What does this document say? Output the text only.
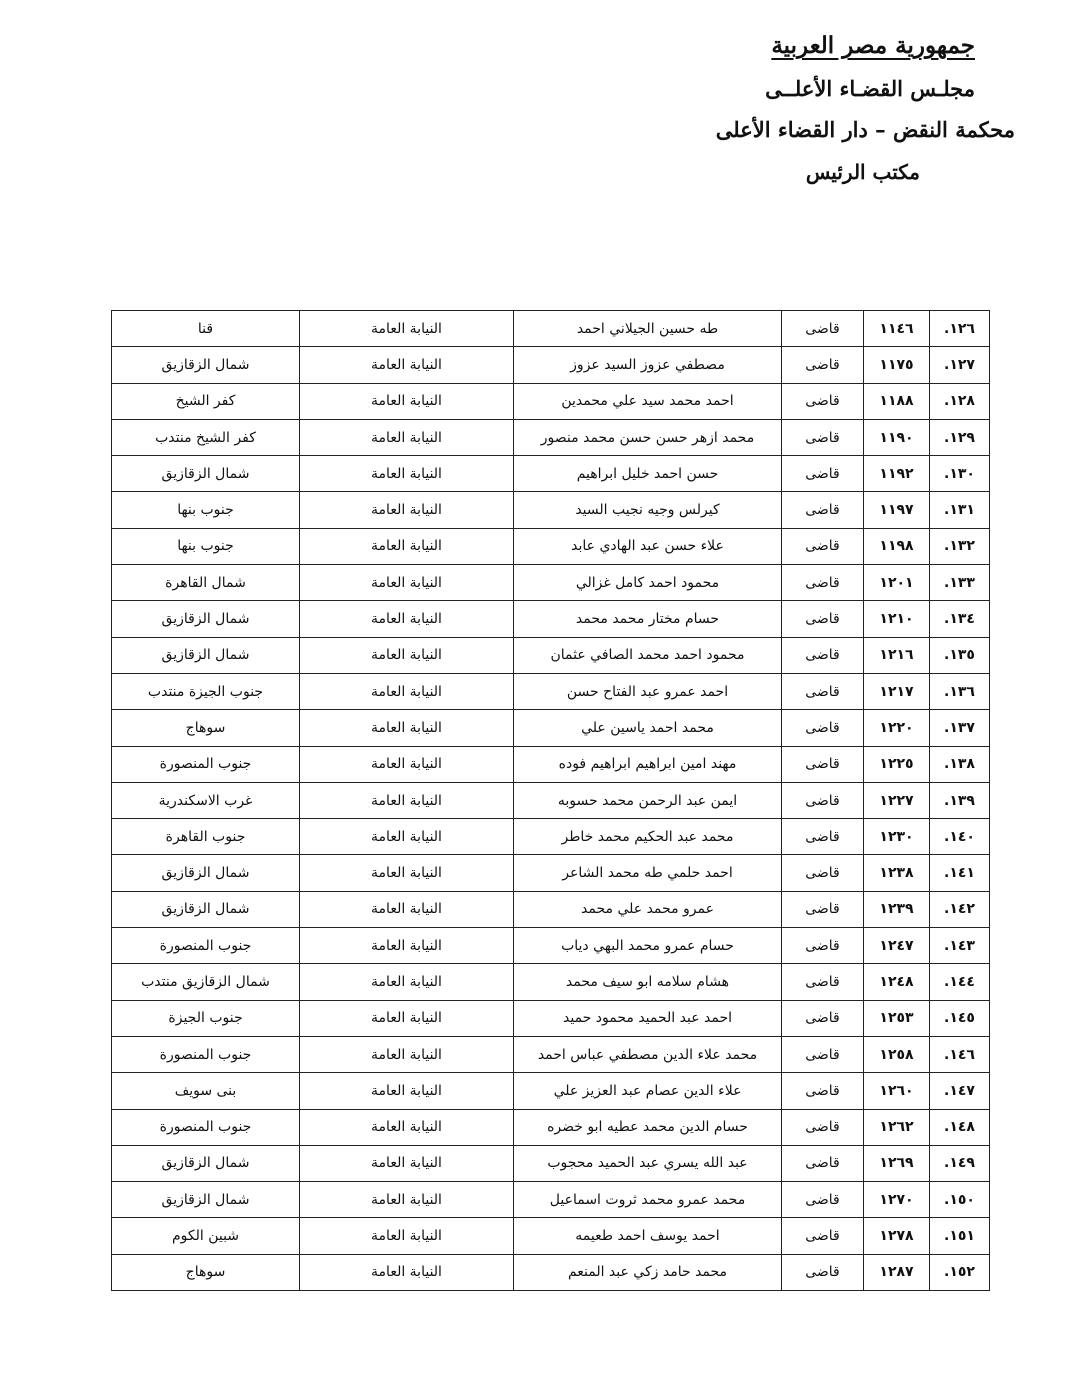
جمهورية مصر العربية
مجلـس القضـاء الأعلــى
محكمة النقض – دار القضاء الأعلى
مكتب الرئيس
١٢٦.	١١٤٦	قاضى	طه حسين الجيلاني احمد	النيابة العامة	قنا
١٢٧.	١١٧٥	قاضى	مصطفي عزوز السيد عزوز	النيابة العامة	شمال الزقازيق
١٢٨.	١١٨٨	قاضى	احمد محمد سيد علي محمدين	النيابة العامة	كفر الشيخ
١٢٩.	١١٩٠	قاضى	محمد ازهر حسن حسن محمد منصور	النيابة العامة	كفر الشيخ منتدب
١٣٠.	١١٩٢	قاضى	حسن احمد خليل ابراهيم	النيابة العامة	شمال الزقازيق
١٣١.	١١٩٧	قاضى	كيرلس وجيه نجيب السيد	النيابة العامة	جنوب بنها
١٣٢.	١١٩٨	قاضى	علاء حسن عبد الهادي عابد	النيابة العامة	جنوب بنها
١٣٣.	١٢٠١	قاضى	محمود احمد كامل غزالي	النيابة العامة	شمال القاهرة
١٣٤.	١٢١٠	قاضى	حسام مختار محمد محمد	النيابة العامة	شمال الزقازيق
١٣٥.	١٢١٦	قاضى	محمود احمد محمد الصافي عثمان	النيابة العامة	شمال الزقازيق
١٣٦.	١٢١٧	قاضى	احمد عمرو عبد الفتاح حسن	النيابة العامة	جنوب الجيزة منتدب
١٣٧.	١٢٢٠	قاضى	محمد احمد ياسين علي	النيابة العامة	سوهاج
١٣٨.	١٢٢٥	قاضى	مهند امين ابراهيم ابراهيم فوده	النيابة العامة	جنوب المنصورة
١٣٩.	١٢٢٧	قاضى	ايمن عبد الرحمن محمد حسوبه	النيابة العامة	غرب الاسكندرية
١٤٠.	١٢٣٠	قاضى	محمد عبد الحكيم محمد خاطر	النيابة العامة	جنوب القاهرة
١٤١.	١٢٣٨	قاضى	احمد حلمي طه محمد الشاعر	النيابة العامة	شمال الزقازيق
١٤٢.	١٢٣٩	قاضى	عمرو محمد علي محمد	النيابة العامة	شمال الزقازيق
١٤٣.	١٢٤٧	قاضى	حسام عمرو محمد البهي دياب	النيابة العامة	جنوب المنصورة
١٤٤.	١٢٤٨	قاضى	هشام سلامه ابو سيف محمد	النيابة العامة	شمال الزقازيق منتدب
١٤٥.	١٢٥٣	قاضى	احمد عبد الحميد محمود حميد	النيابة العامة	جنوب الجيزة
١٤٦.	١٢٥٨	قاضى	محمد علاء الدين مصطفي عباس احمد	النيابة العامة	جنوب المنصورة
١٤٧.	١٢٦٠	قاضى	علاء الدين عصام عبد العزيز علي	النيابة العامة	بنى سويف
١٤٨.	١٢٦٢	قاضى	حسام الدين محمد عطيه ابو خضره	النيابة العامة	جنوب المنصورة
١٤٩.	١٢٦٩	قاضى	عبد الله يسري عبد الحميد محجوب	النيابة العامة	شمال الزقازيق
١٥٠.	١٢٧٠	قاضى	محمد عمرو محمد ثروت اسماعيل	النيابة العامة	شمال الزقازيق
١٥١.	١٢٧٨	قاضى	احمد يوسف احمد طعيمه	النيابة العامة	شبين الكوم
١٥٢.	١٢٨٧	قاضى	محمد حامد زكي عبد المنعم	النيابة العامة	سوهاج
